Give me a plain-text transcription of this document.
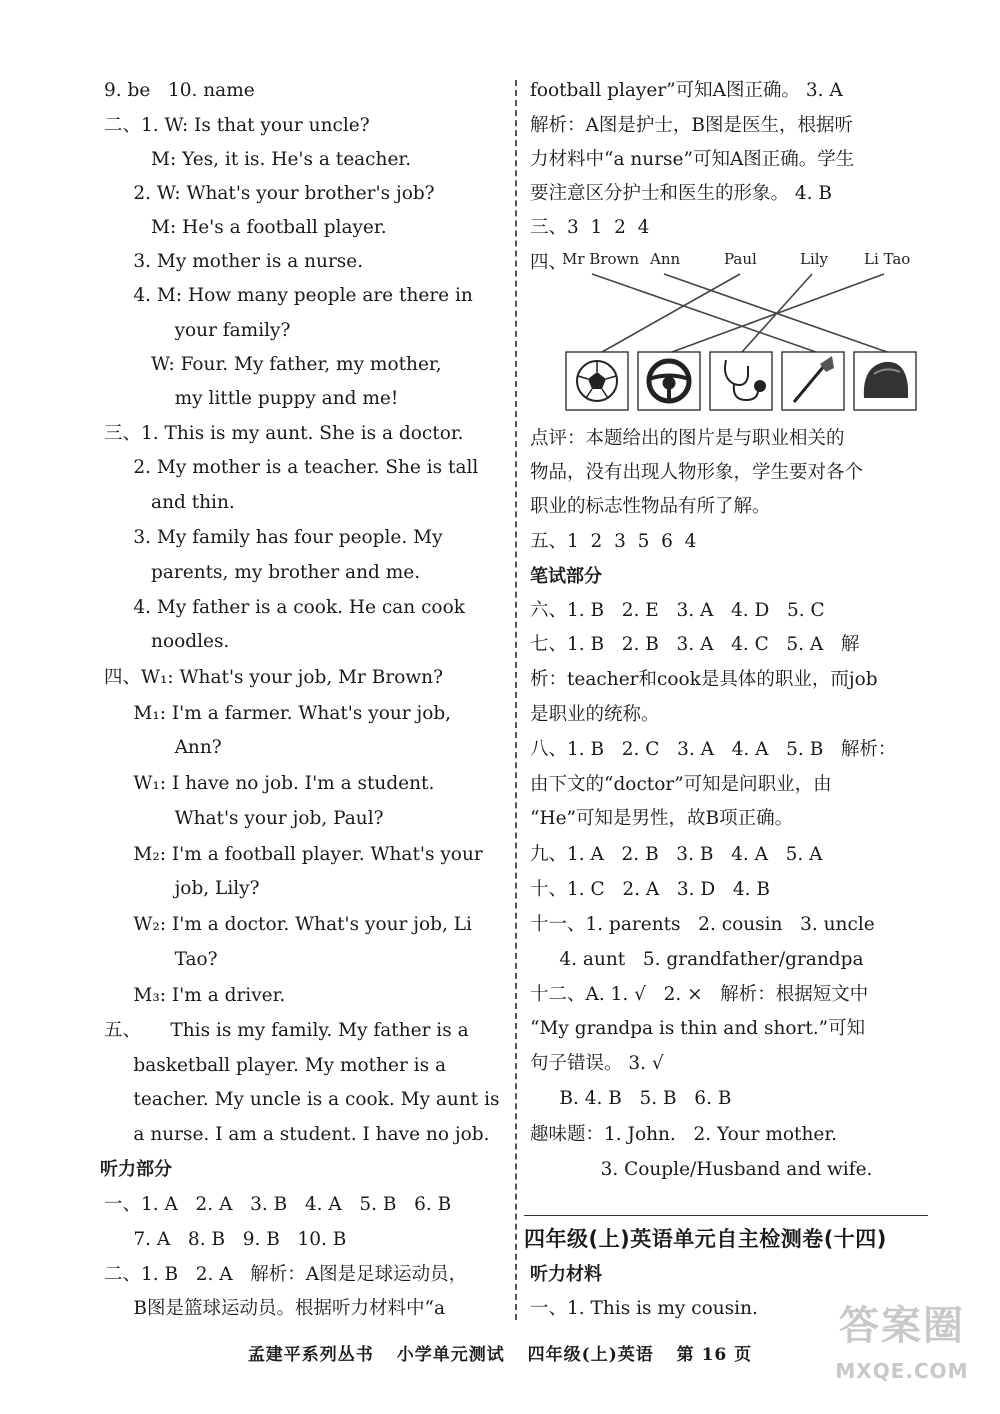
9. be   10. name
二、1. W: Is that your uncle?
M: Yes, it is. He's a teacher.
2. W: What's your brother's job?
M: He's a football player.
3. My mother is a nurse.
4. M: How many people are there in
your family?
W: Four. My father, my mother,
my little puppy and me!
三、1. This is my aunt. She is a doctor.
2. My mother is a teacher. She is tall
and thin.
3. My family has four people. My
parents, my brother and me.
4. My father is a cook. He can cook
noodles.
四、W₁: What's your job, Mr Brown?
M₁: I'm a farmer. What's your job,
Ann?
W₁: I have no job. I'm a student.
What's your job, Paul?
M₂: I'm a football player. What's your
job, Lily?
W₂: I'm a doctor. What's your job, Li
Tao?
M₃: I'm a driver.
五、     This is my family. My father is a
basketball player. My mother is a
teacher. My uncle is a cook. My aunt is
a nurse. I am a student. I have no job.
听力部分
一、1. A   2. A   3. B   4. A   5. B   6. B
7. A   8. B   9. B   10. B
二、1. B   2. A   解析：A图是足球运动员，
B图是篮球运动员。根据听力材料中“a
football player”可知A图正确。 3. A
解析：A图是护士，B图是医生，根据听
力材料中“a nurse”可知A图正确。学生
要注意区分护士和医生的形象。 4. B
三、3  1  2  4
四、
点评：本题给出的图片是与职业相关的
物品，没有出现人物形象，学生要对各个
职业的标志性物品有所了解。
五、1  2  3  5  6  4
笔试部分
六、1. B   2. E   3. A   4. D   5. C
七、1. B   2. B   3. A   4. C   5. A   解
析：teacher和cook是具体的职业，而job
是职业的统称。
八、1. B   2. C   3. A   4. A   5. B   解析：
由下文的“doctor”可知是问职业，由
“He”可知是男性，故B项正确。
九、1. A   2. B   3. B   4. A   5. A
十、1. C   2. A   3. D   4. B
十一、1. parents   2. cousin   3. uncle
4. aunt   5. grandfather/grandpa
十二、A. 1. √   2. ×   解析：根据短文中
“My grandpa is thin and short.”可知
句子错误。 3. √
B. 4. B   5. B   6. B
趣味题：1. John.   2. Your mother.
3. Couple/Husband and wife.
四年级(上)英语单元自主检测卷(十四)
听力材料
一、1. This is my cousin.
Mr Brown Ann	Paul	Lily Li Tao
孟建平系列丛书 小学单元测试 四年级(上)英语 第 16 页
答案圈
MXQE.COM
